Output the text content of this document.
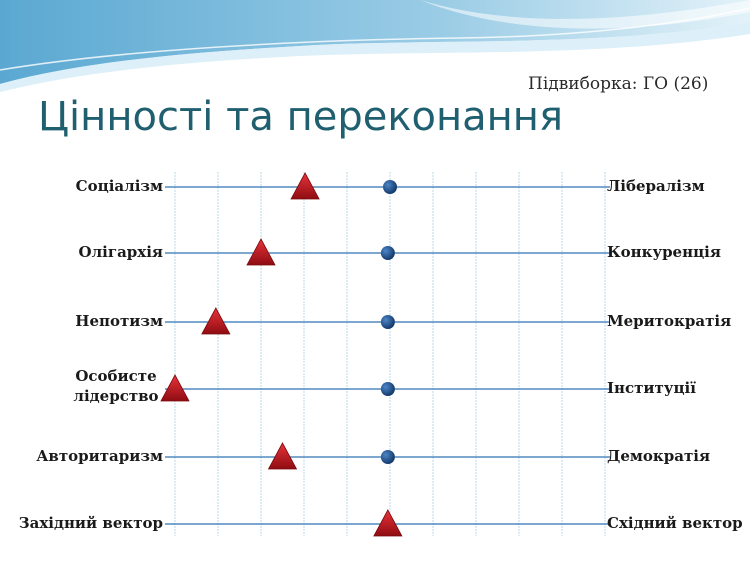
Підвиборка: ГО (26)
Цінності та переконання
Соціалізм	Лібералізм
Олігархія	Конкуренція
Непотизм	Меритократія
Особисте лідерство	Інституції
Авторитаризм	Демократія
Західний вектор	Східний вектор
